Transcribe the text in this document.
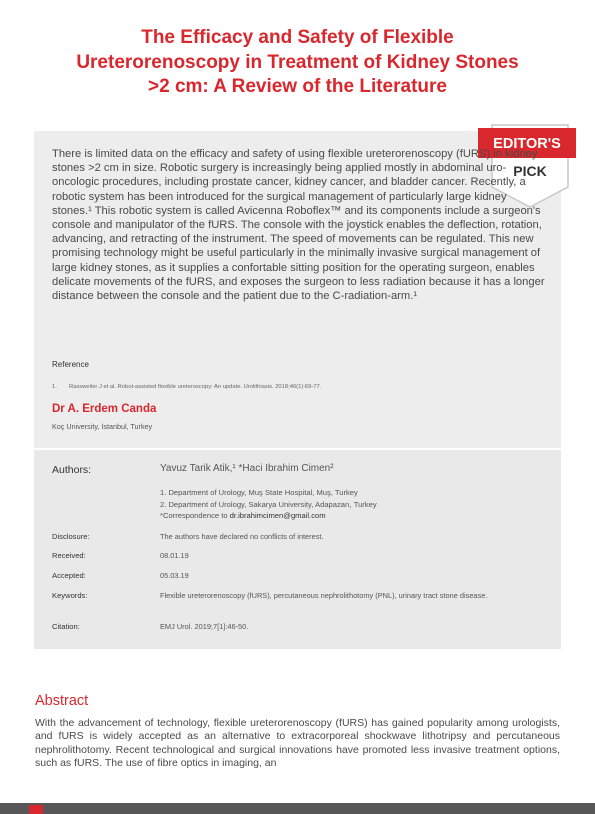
The Efficacy and Safety of Flexible
Ureterorenoscopy in Treatment of Kidney Stones
>2 cm: A Review of the Literature
EDITOR'S
PICK

There is limited data on the efficacy and safety of using flexible ureterorenoscopy (fURS) in kidney stones >2 cm in size. Robotic surgery is increasingly being applied mostly in abdominal uro-oncologic procedures, including prostate cancer, kidney cancer, and bladder cancer. Recently, a robotic system has been introduced for the surgical management of particularly large kidney stones.¹ This robotic system is called Avicenna Roboflex™ and its components include a surgeon's console and manipulator of the fURS. The console with the joystick enables the deflection, rotation, advancing, and retracting of the instrument. The speed of movements can be regulated. This new promising technology might be useful particularly in the minimally invasive surgical management of large kidney stones, as it supplies a confortable sitting position for the operating surgeon, enables delicate movements of the fURS, and exposes the surgeon to less radiation because it has a longer distance between the console and the patient due to the C-radiation-arm.¹

Reference
1. Rassweiler J et al. Robot-assisted flexible ureteroscopy: An update. Urolithiasis. 2018;46(1):69-77.
Dr A. Erdem Canda
Koç University, İstanbul, Turkey
Authors:	Yavuz Tarik Atik,¹ *Haci Ibrahim Cimen²
1. Department of Urology, Muş State Hospital, Muş, Turkey
2. Department of Urology, Sakarya University, Adapazarı, Turkey
*Correspondence to dr.ibrahimcimen@gmail.com
Disclosure:	The authors have declared no conflicts of interest.
Received:	08.01.19
Accepted:	05.03.19
Keywords:	Flexible ureterorenoscopy (fURS), percutaneous nephrolithotomy (PNL), urinary tract stone disease.
Citation:	EMJ Urol. 2019;7[1]:46-50.
Abstract
With the advancement of technology, flexible ureterorenoscopy (fURS) has gained popularity among urologists, and fURS is widely accepted as an alternative to extracorporeal shockwave lithotripsy and percutaneous nephrolithotomy. Recent technological and surgical innovations have promoted less invasive treatment options, such as fURS. The use of fibre optics in imaging, an
